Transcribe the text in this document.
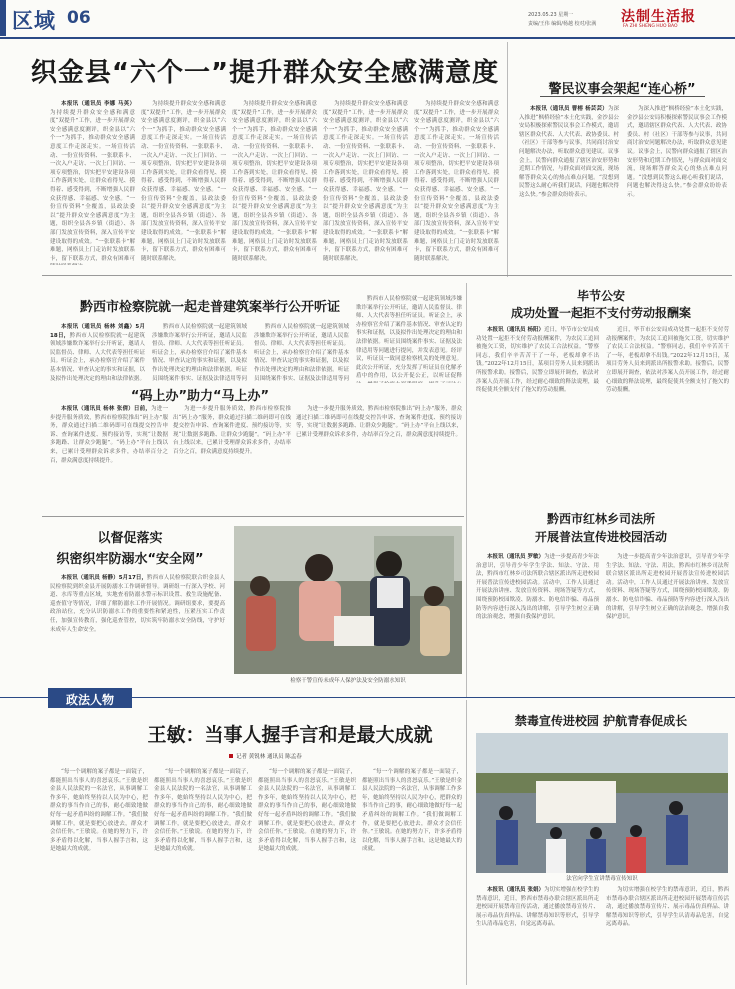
区域 06	2023.05.23 星期一
责编/王伟 编辑/杨越 校对/张满 法制生活报
FA ZHI SHENG HUO BAO
织金县“六个一”提升群众安全感满意度

本报讯（通讯员 李娜 马英）为持续提升群众安全感和满意度“双提升”工作，进一步开展群众安全感满意度测评，织金县以“六个一”为抓手，推动群众安全感满意度工作走深走实。一场宣传活动、一份宣传资料、一张联系卡、一次入户走访、一次上门回访、一项专项整治，切实把平安建设各项工作落到实处，让群众看得见、摸得着、感受得到，不断增强人民群众获得感、幸福感、安全感。“一份宣传资料”全覆盖，县政法委以“提升群众安全感满意度”为主题，组织全县各乡镇（街道）、各部门发放宣传资料，深入宣传平安建设取得的成效。“一张联系卡”解难题，网格员上门走访时发放联系卡，留下联系方式，群众有困难可

为持续提升群众安全感和满意度“双提升”工作，进一步开展群众安全感满意度测评，织金县以“六个一”为抓手，推动群众安全感满意度工作走深走实。一场宣传活动、一份宣传资料、一张联系卡、一次入户走访、一次上门回访、一项专项整治，切实把平安建设各项工作落到实处，让群众看得见、摸得着、感受得到，不断增强人民群众获得感、幸福感、安全感。“一份宣传资料”全覆盖，县政法委以“提升群众安全感满意度”为主题，组织全县各乡镇（街道）、各部门发放宣传资料，深入宣传平安建设取得的成效。“一张联系卡”解难题，网格员上门走访时发放联系卡，留下联系方式，群众有困难可随时联系解决。

为持续提升群众安全感和满意度“双提升”工作，进一步开展群众安全感满意度测评，织金县以“六个一”为抓手，推动群众安全感满意度工作走深走实。一场宣传活动、一份宣传资料、一张联系卡、一次入户走访、一次上门回访、一项专项整治，切实把平安建设各项工作落到实处，让群众看得见、摸得着、感受得到，不断增强人民群众获得感、幸福感、安全感。“一份宣传资料”全覆盖，县政法委以“提升群众安全感满意度”为主题，组织全县各乡镇（街道）、各部门发放宣传资料，深入宣传平安建设取得的成效。“一张联系卡”解难题，网格员上门走访时发放联系卡，留下联系方式，群众有困难可随时联系解决。

为持续提升群众安全感和满意度“双提升”工作，进一步开展群众安全感满意度测评，织金县以“六个一”为抓手，推动群众安全感满意度工作走深走实。一场宣传活动、一份宣传资料、一张联系卡、一次入户走访、一次上门回访、一项专项整治，切实把平安建设各项工作落到实处，让群众看得见、摸得着、感受得到，不断增强人民群众获得感、幸福感、安全感。“一份宣传资料”全覆盖，县政法委以“提升群众安全感满意度”为主题，组织全县各乡镇（街道）、各部门发放宣传资料，深入宣传平安建设取得的成效。“一张联系卡”解难题，网格员上门走访时发放联系卡，留下联系方式，群众有困难可随时联系解决。

为持续提升群众安全感和满意度“双提升”工作，进一步开展群众安全感满意度测评，织金县以“六个一”为抓手，推动群众安全感满意度工作走深走实。一场宣传活动、一份宣传资料、一张联系卡、一次入户走访、一次上门回访、一项专项整治，切实把平安建设各项工作落到实处，让群众看得见、摸得着、感受得到，不断增强人民群众获得感、幸福感、安全感。“一份宣传资料”全覆盖，县政法委以“提升群众安全感满意度”为主题，组织全县各乡镇（街道）、各部门发放宣传资料，深入宣传平安建设取得的成效。“一张联系卡”解难题，网格员上门走访时发放联系卡，留下联系方式，群众有困难可随时联系解决。

警民议事会架起“连心桥”

本报讯（通讯员 曹榕 杨芸芸）为深入推进“枫桥经验”本土化实践，金沙县公安局积极探索警民议事会工作模式，邀请辖区群众代表、人大代表、政协委员、村（社区）干部等参与议事，共同商讨治安问题解决办法，听取群众意见建议。议事会上，民警向群众通报了辖区治安形势和近期工作情况，与群众面对面交流，现场解答群众关心的热点难点问题。“没想到民警这么耐心听我们说话，问题也解决得这么快。”参会群众纷纷表示。

为深入推进“枫桥经验”本土化实践，金沙县公安局积极探索警民议事会工作模式，邀请辖区群众代表、人大代表、政协委员、村（社区）干部等参与议事，共同商讨治安问题解决办法，听取群众意见建议。议事会上，民警向群众通报了辖区治安形势和近期工作情况，与群众面对面交流，现场解答群众关心的热点难点问题。“没想到民警这么耐心听我们说话，问题也解决得这么快。”参会群众纷纷表示。

黔西市检察院就一起走普建筑案举行公开听证

本报讯（通讯员 杨林 刘鑫）5月18日，黔西市人民检察院就一起建筑领域涉嫌欺诈案举行公开听证，邀请人民监督员、律师、人大代表等担任听证员。听证会上，承办检察官介绍了案件基本情况、审查认定的事实和证据，以及拟作出处理决定的理由和法律依据。

黔西市人民检察院就一起建筑领域涉嫌欺诈案举行公开听证，邀请人民监督员、律师、人大代表等担任听证员。听证会上，承办检察官介绍了案件基本情况、审查认定的事实和证据，以及拟作出处理决定的理由和法律依据。听证员围绕案件事实、证据及法律适用等问

黔西市人民检察院就一起建筑领域涉嫌欺诈案举行公开听证，邀请人民监督员、律师、人大代表等担任听证员。听证会上，承办检察官介绍了案件基本情况、审查认定的事实和证据，以及拟作出处理决定的理由和法律依据。听证员围绕案件事实、证据及法律适用等问

黔西市人民检察院就一起建筑领域涉嫌欺诈案举行公开听证，邀请人民监督员、律师、人大代表等担任听证员。听证会上，承办检察官介绍了案件基本情况、审查认定的事实和证据，以及拟作出处理决定的理由和法律依据。听证员围绕案件事实、证据及法律适用等问题进行提问，并发表意见。经评议，听证员一致同意检察机关的处理意见。此次公开听证，充分发挥了听证员在化解矛盾中的作用，以公开促公正，以听证促释

“码上办”助力“马上办”

本报讯（通讯员 杨林 张倩）日前，为进一步提升服务质效，黔西市检察院推出“码上办”服务，群众通过扫描二维码即可在线提交控告申诉、查询案件进度、预约接访等，实现“让数据多跑路、让群众少跑腿”。“码上办”平台上线以来，已累计受理群众诉求多件，办结率百分之百，群众满意度持续提升。

为进一步提升服务质效，黔西市检察院推出“码上办”服务，群众通过扫描二维码即可在线提交控告申诉、查询案件进度、预约接访等，实现“让数据多跑路、让群众少跑腿”。“码上办”平台上线以来，已累计受理群众诉求多件，办结率百分之百，群众满意度持续提升。

为进一步提升服务质效，黔西市检察院推出“码上办”服务，群众通过扫描二维码即可在线提交控告申诉、查询案件进度、预约接访等，实现“让数据多跑路、让群众少跑腿”。“码上办”平台上线以来，已累计受理群众诉求多件，办结率百分之百，群众满意度持续提升。

毕节公安
成功处置一起拒不支付劳动报酬案

本报讯（通讯员 杨阳）近日，毕节市公安局成功处置一起拒不支付劳动报酬案件，为农民工追回被拖欠工资，切实维护了农民工合法权益。“警察同志，我们辛辛苦苦干了一年，老板却拿不出钱。”2022年12月15日，某项目劳务人员来到派出所报警求助。接警后，民警立即展开调查，依法对涉案人员开展工作，经过耐心细致的释法说理，最终促使其全额支付了拖欠的劳动报酬。

近日，毕节市公安局成功处置一起拒不支付劳动报酬案件，为农民工追回被拖欠工资，切实维护了农民工合法权益。“警察同志，我们辛辛苦苦干了一年，老板却拿不出钱。”2022年12月15日，某项目劳务人员来到派出所报警求助。接警后，民警立即展开调查，依法对涉案人员开展工作，经过耐心细致的释法说理，最终促使其全额支付了拖欠的劳动报酬。

以督促落实
织密织牢防溺水“安全网”

本报讯（通讯员 杨静）5月17日，黔西市人民检察院联合织金县人民检察院到织金县开展防溺水工作调研督导。调研组一行深入学校、河道、水库等重点区域，实地查看防溺水警示标识设置、救生设施配备、巡查值守等情况，详细了解防溺水工作开展情况。调研组要求，要提高政治站位，充分认识防溺水工作的重要性和紧迫性，压紧压实工作责任，加强宣传教育，强化巡查管控，切实筑牢防溺水安全防线，守护好未成年人生命安全。

检察干警宣传未成年人保护法及安全防溺水知识
黔西市红林乡司法所
开展普法宣传进校园活动

本报讯（通讯员 罗敏）为进一步提高青少年法治意识，引导青少年学生学法、知法、守法、用法，黔西市红林乡司法所联合辖区派出所走进校园开展普法宣传进校园活动。活动中，工作人员通过开展法治讲座、发放宣传资料、现场答疑等方式，围绕预防校园欺凌、防溺水、防电信诈骗、毒品预防等内容进行深入浅出的讲解，引导学生树立正确的法治观念，增强自我保护意识。

为进一步提高青少年法治意识，引导青少年学生学法、知法、守法、用法，黔西市红林乡司法所联合辖区派出所走进校园开展普法宣传进校园活动。活动中，工作人员通过开展法治讲座、发放宣传资料、现场答疑等方式，围绕预防校园欺凌、防溺水、防电信诈骗、毒品预防等内容进行深入浅出的讲解，引导学生树立正确的法治观念，增强自我保护意识。

政法人物
王敏：当事人握手言和是最大成就
记者 黄锐林 通讯员 陈孟春

“每一个调解的案子都是一面镜子，都能照出当事人的喜怒哀乐。”王敏是织金县人民法院的一名法官，从事调解工作多年，她始终坚持以人民为中心，把群众的事当作自己的事，耐心细致地做好每一起矛盾纠纷的调解工作。“我们做调解工作，就是要把心放进去，群众才会信任你。”王敏说。在她的努力下，许多矛盾得以化解，当事人握手言和，这是她最大的成就。

“每一个调解的案子都是一面镜子，都能照出当事人的喜怒哀乐。”王敏是织金县人民法院的一名法官，从事调解工作多年，她始终坚持以人民为中心，把群众的事当作自己的事，耐心细致地做好每一起矛盾纠纷的调解工作。“我们做调解工作，就是要把心放进去，群众才会信任你。”王敏说。在她的努力下，许多矛盾得以化解，当事人握手言和，这是她最大的成就。

“每一个调解的案子都是一面镜子，都能照出当事人的喜怒哀乐。”王敏是织金县人民法院的一名法官，从事调解工作多年，她始终坚持以人民为中心，把群众的事当作自己的事，耐心细致地做好每一起矛盾纠纷的调解工作。“我们做调解工作，就是要把心放进去，群众才会信任你。”王敏说。在她的努力下，许多矛盾得以化解，当事人握手言和，这是她最大的成就。

“每一个调解的案子都是一面镜子，都能照出当事人的喜怒哀乐。”王敏是织金县人民法院的一名法官，从事调解工作多年，她始终坚持以人民为中心，把群众的事当作自己的事，耐心细致地做好每一起矛盾纠纷的调解工作。“我们做调解工作，就是要把心放进去，群众才会信任你。”王敏说。在她的努力下，许多矛盾得以化解，当事人握手言和，这是她最大的成就。

禁毒宣传进校园 护航青春促成长
法官向学生宣讲禁毒宣传知识

本报讯（通讯员 张娟）为切实增强在校学生的禁毒意识，近日，黔西市禁毒办联合辖区派出所走进校园开展禁毒宣传活动，通过播放禁毒宣传片、展示毒品仿真样品、讲解禁毒知识等形式，引导学生认清毒品危害，自觉远离毒品。

为切实增强在校学生的禁毒意识，近日，黔西市禁毒办联合辖区派出所走进校园开展禁毒宣传活动，通过播放禁毒宣传片、展示毒品仿真样品、讲解禁毒知识等形式，引导学生认清毒品危害，自觉远离毒品。
